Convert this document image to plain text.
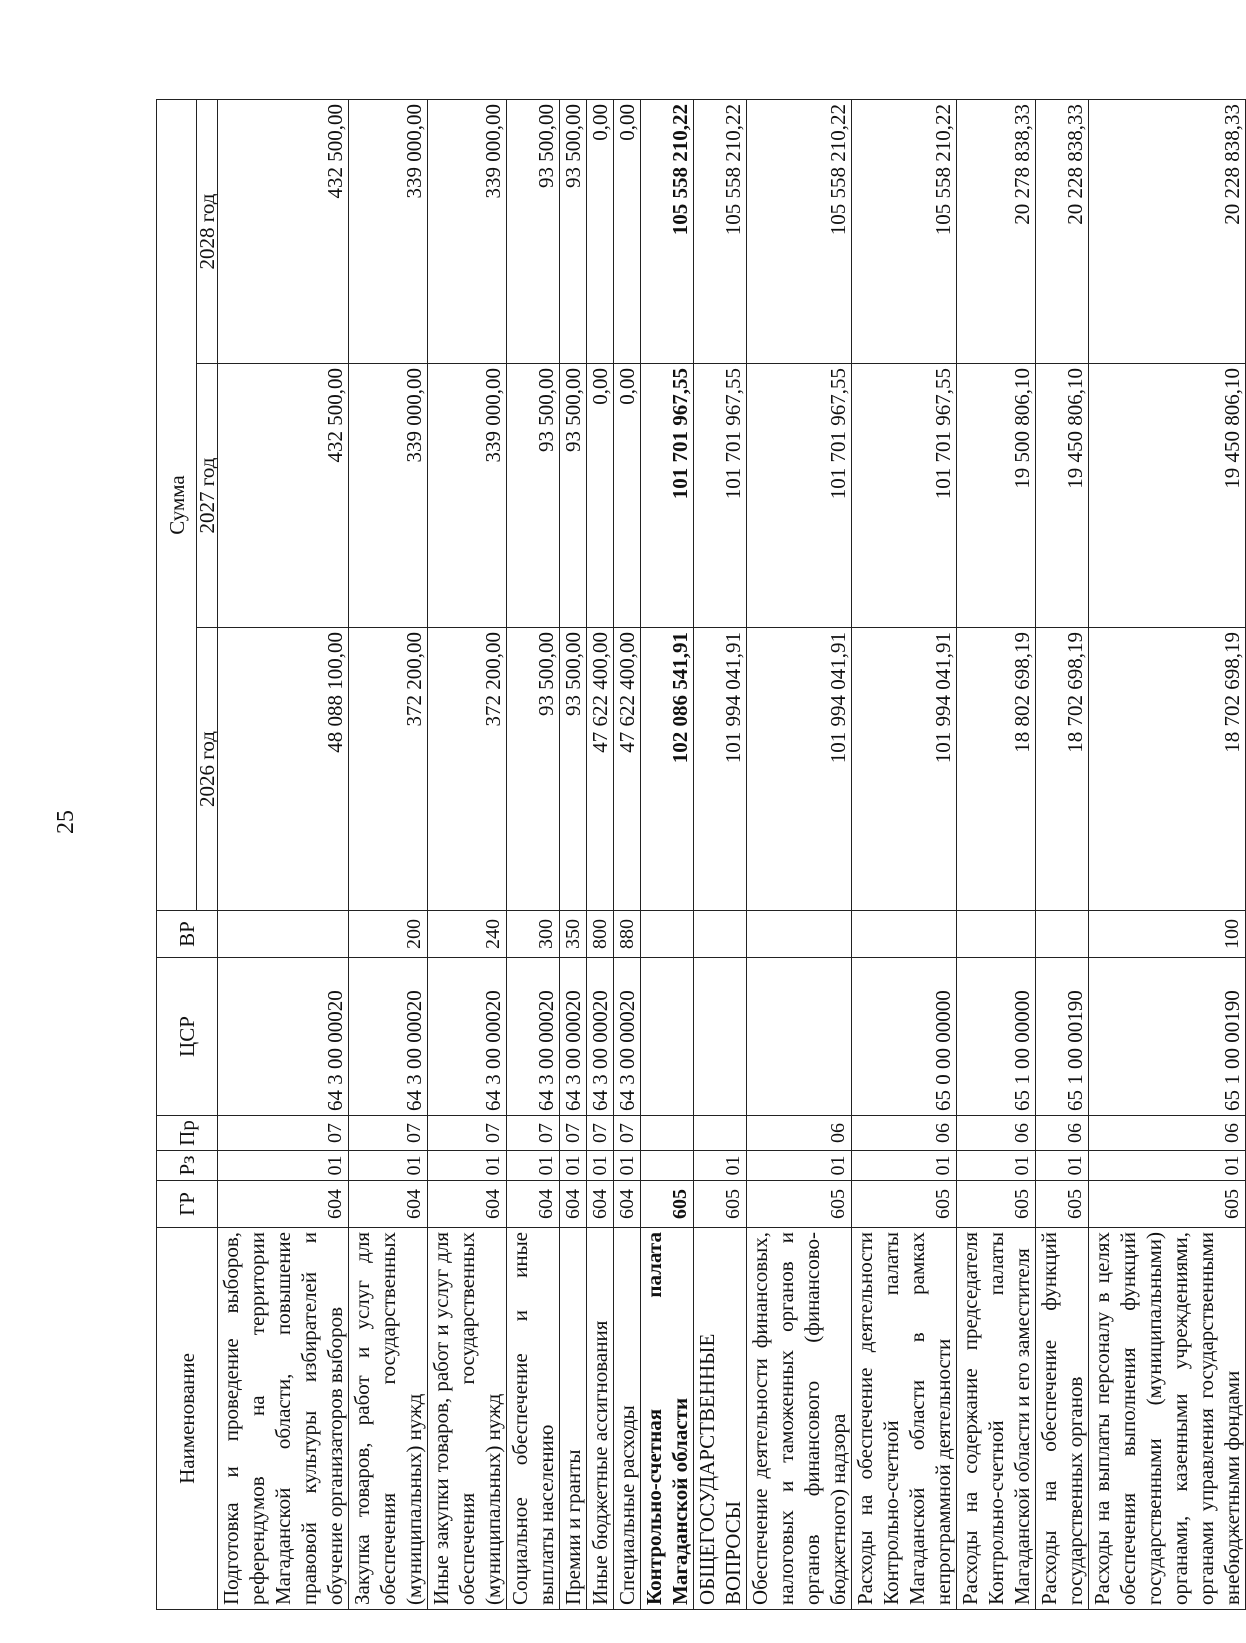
25
Наименование	ГР	Рз	Пр	ЦСР	ВР	Сумма		
						2026 год	2027 год	2028 год
Подготовка и проведение выборов, референдумов на территории Магаданской области, повышение правовой культуры избирателей и обучение организаторов выборов	604	01	07	64 3 00 00020		48 088 100,00	432 500,00	432 500,00
Закупка товаров, работ и услуг для обеспечения государственных (муниципальных) нужд	604	01	07	64 3 00 00020	200	372 200,00	339 000,00	339 000,00
Иные закупки товаров, работ и услуг для обеспечения государственных (муниципальных) нужд	604	01	07	64 3 00 00020	240	372 200,00	339 000,00	339 000,00
Социальное обеспечение и иные выплаты населению	604	01	07	64 3 00 00020	300	93 500,00	93 500,00	93 500,00
Премии и гранты	604	01	07	64 3 00 00020	350	93 500,00	93 500,00	93 500,00
Иные бюджетные ассигнования	604	01	07	64 3 00 00020	800	47 622 400,00	0,00	0,00
Специальные расходы	604	01	07	64 3 00 00020	880	47 622 400,00	0,00	0,00
Контрольно-счетная палата Магаданской области	605					102 086 541,91	101 701 967,55	105 558 210,22
ОБЩЕГОСУДАРСТВЕННЫЕ ВОПРОСЫ	605	01				101 994 041,91	101 701 967,55	105 558 210,22
Обеспечение деятельности финансовых, налоговых и таможенных органов и органов финансового (финансово-бюджетного) надзора	605	01	06			101 994 041,91	101 701 967,55	105 558 210,22
Расходы на обеспечение деятельности Контрольно-счетной палаты Магаданской области в рамках непрограммной деятельности	605	01	06	65 0 00 00000		101 994 041,91	101 701 967,55	105 558 210,22
Расходы на содержание председателя Контрольно-счетной палаты Магаданской области и его заместителя	605	01	06	65 1 00 00000		18 802 698,19	19 500 806,10	20 278 838,33
Расходы на обеспечение функций государственных органов	605	01	06	65 1 00 00190		18 702 698,19	19 450 806,10	20 228 838,33
Расходы на выплаты персоналу в целях обеспечения выполнения функций государственными (муниципальными) органами, казенными учреждениями, органами управления государственными внебюджетными фондами	605	01	06	65 1 00 00190	100	18 702 698,19	19 450 806,10	20 228 838,33
